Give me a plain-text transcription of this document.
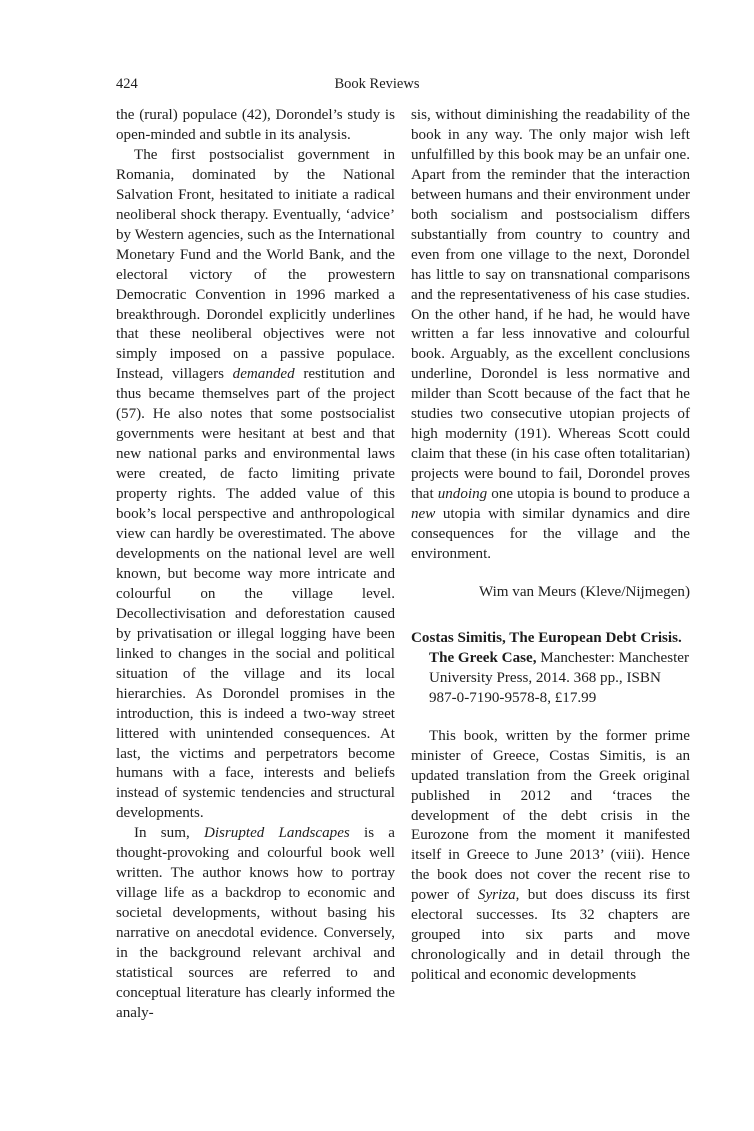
424	Book Reviews

the (rural) populace (42), Dorondel’s study is open-minded and subtle in its analysis.

The first postsocialist government in Romania, dominated by the National Salvation Front, hesitated to initiate a radical neoliberal shock therapy. Eventually, ‘advice’ by Western agencies, such as the International Monetary Fund and the World Bank, and the electoral victory of the prowestern Democratic Convention in 1996 marked a breakthrough. Dorondel explicitly underlines that these neoliberal objectives were not simply imposed on a passive populace. Instead, villagers demanded restitution and thus became themselves part of the project (57). He also notes that some postsocialist governments were hesitant at best and that new national parks and environmental laws were created, de facto limiting private property rights. The added value of this book’s local perspective and anthropological view can hardly be overestimated. The above developments on the national level are well known, but become way more intricate and colourful on the village level. Decollectivisation and deforestation caused by privatisation or illegal logging have been linked to changes in the social and political situation of the village and its local hierarchies. As Dorondel promises in the introduction, this is indeed a two-way street littered with unintended consequences. At last, the victims and perpetrators become humans with a face, interests and beliefs instead of systemic tendencies and structural developments.

In sum, Disrupted Landscapes is a thought-provoking and colourful book well written. The author knows how to portray village life as a backdrop to economic and societal developments, without basing his narrative on anecdotal evidence. Conversely, in the background relevant archival and statistical sources are referred to and conceptual literature has clearly informed the analy-

sis, without diminishing the readability of the book in any way. The only major wish left unfulfilled by this book may be an unfair one. Apart from the reminder that the interaction between humans and their environment under both socialism and postsocialism differs substantially from country to country and even from one village to the next, Dorondel has little to say on transnational comparisons and the representativeness of his case studies. On the other hand, if he had, he would have written a far less innovative and colourful book. Arguably, as the excellent conclusions underline, Dorondel is less normative and milder than Scott because of the fact that he studies two consecutive utopian projects of high modernity (191). Whereas Scott could claim that these (in his case often totalitarian) projects were bound to fail, Dorondel proves that undoing one utopia is bound to produce a new utopia with similar dynamics and dire consequences for the village and the environment.

Wim van Meurs (Kleve/Nijmegen)

Costas Simitis, The European Debt Crisis. The Greek Case, Manchester: Manchester University Press, 2014. 368 pp., ISBN 987-0-7190-9578-8, £17.99

This book, written by the former prime minister of Greece, Costas Simitis, is an updated translation from the Greek original published in 2012 and ‘traces the development of the debt crisis in the Eurozone from the moment it manifested itself in Greece to June 2013’ (viii). Hence the book does not cover the recent rise to power of Syriza, but does discuss its first electoral successes. Its 32 chapters are grouped into six parts and move chronologically and in detail through the political and economic developments
